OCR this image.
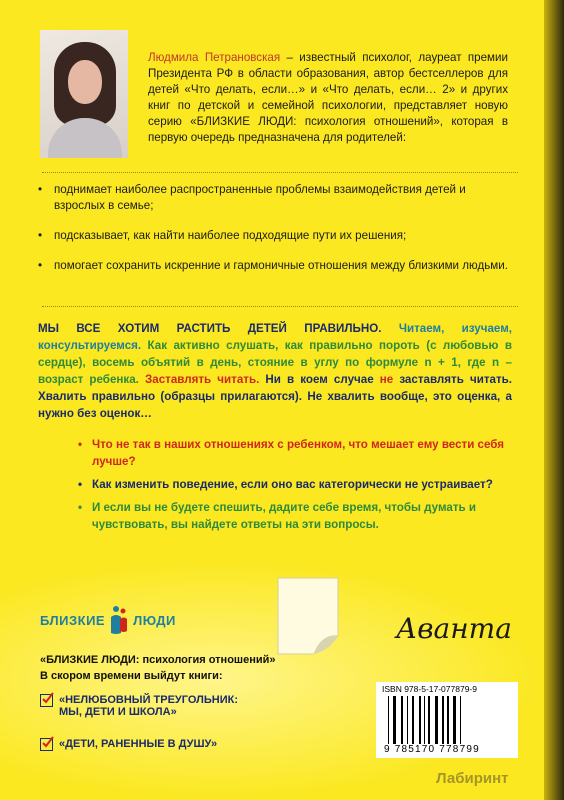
Людмила Петрановская – известный психолог, лауреат премии Президента РФ в области образования, автор бестселлеров для детей «Что делать, если…» и «Что делать, если… 2» и других книг по детской и семейной психологии, представляет новую серию «БЛИЗКИЕ ЛЮДИ: психология отношений», которая в первую очередь предназначена для родителей:
• поднимает наиболее распространенные проблемы взаимодействия детей и взрослых в семье;
• подсказывает, как найти наиболее подходящие пути их решения;
• помогает сохранить искренние и гармоничные отношения между близкими людьми.
МЫ ВСЕ ХОТИМ РАСТИТЬ ДЕТЕЙ ПРАВИЛЬНО. Читаем, изучаем, консультируемся. Как активно слушать, как правильно пороть (с любовью в сердце), восемь объятий в день, стояние в углу по формуле n + 1, где n – возраст ребенка. Заставлять читать. Ни в коем случае не заставлять читать. Хвалить правильно (образцы прилагаются). Не хвалить вообще, это оценка, а нужно без оценок…
• Что не так в наших отношениях с ребенком, что мешает ему вести себя лучше?
• Как изменить поведение, если оно вас категорически не устраивает?
• И если вы не будете спешить, дадите себе время, чтобы думать и чувствовать, вы найдете ответы на эти вопросы.
БЛИЗКИЕ ЛЮДИ
«БЛИЗКИЕ ЛЮДИ: психология отношений»
В скором времени выйдут книги:
«НЕЛЮБОВНЫЙ ТРЕУГОЛЬНИК:
МЫ, ДЕТИ И ШКОЛА»
«ДЕТИ, РАНЕННЫЕ В ДУШУ»
Аванта
ISBN 978-5-17-077879-9
9 785170 778799
Лабиринт
